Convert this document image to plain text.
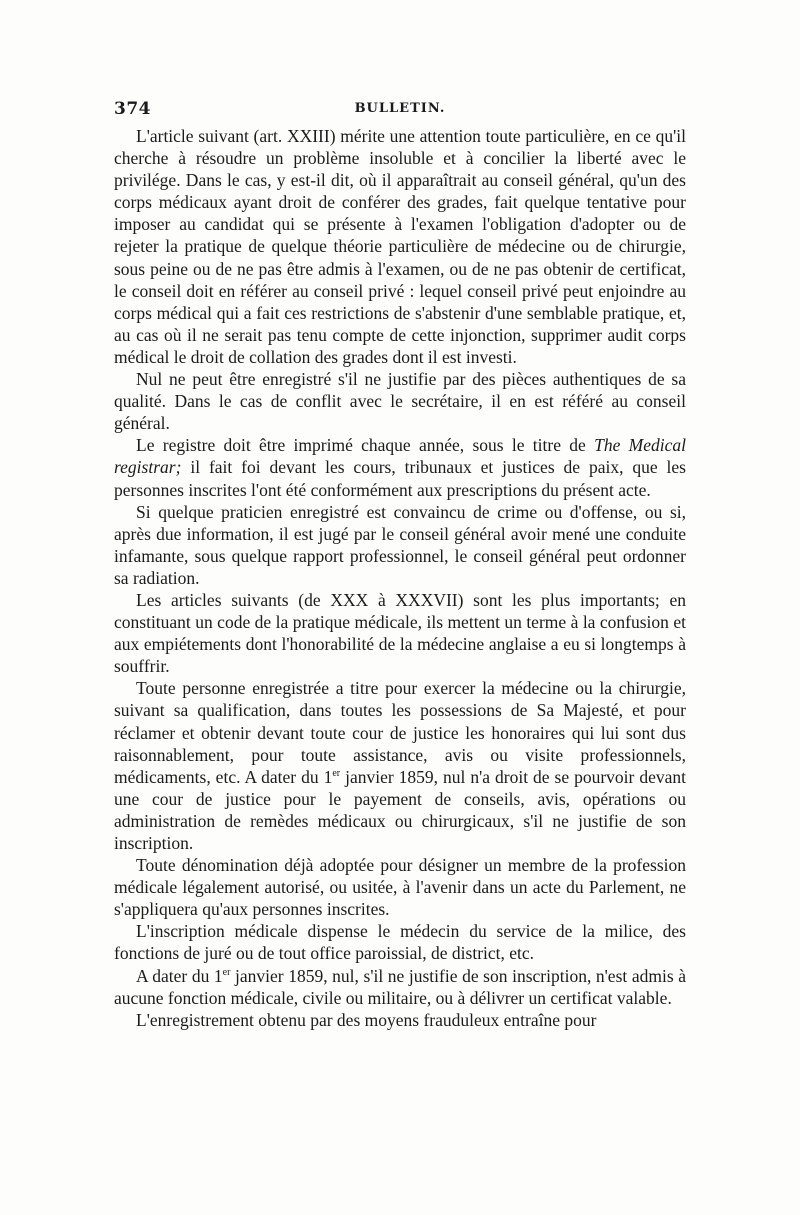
374	BULLETIN.

L'article suivant (art. XXIII) mérite une attention toute particulière, en ce qu'il cherche à résoudre un problème insoluble et à concilier la liberté avec le privilége. Dans le cas, y est-il dit, où il apparaîtrait au conseil général, qu'un des corps médicaux ayant droit de conférer des grades, fait quelque tentative pour imposer au candidat qui se présente à l'examen l'obligation d'adopter ou de rejeter la pratique de quelque théorie particulière de médecine ou de chirurgie, sous peine ou de ne pas être admis à l'examen, ou de ne pas obtenir de certificat, le conseil doit en référer au conseil privé : lequel conseil privé peut enjoindre au corps médical qui a fait ces restrictions de s'abstenir d'une semblable pratique, et, au cas où il ne serait pas tenu compte de cette injonction, supprimer audit corps médical le droit de collation des grades dont il est investi.

Nul ne peut être enregistré s'il ne justifie par des pièces authentiques de sa qualité. Dans le cas de conflit avec le secrétaire, il en est référé au conseil général.

Le registre doit être imprimé chaque année, sous le titre de The Medical registrar; il fait foi devant les cours, tribunaux et justices de paix, que les personnes inscrites l'ont été conformément aux prescriptions du présent acte.

Si quelque praticien enregistré est convaincu de crime ou d'offense, ou si, après due information, il est jugé par le conseil général avoir mené une conduite infamante, sous quelque rapport professionnel, le conseil général peut ordonner sa radiation.

Les articles suivants (de XXX à XXXVII) sont les plus importants; en constituant un code de la pratique médicale, ils mettent un terme à la confusion et aux empiétements dont l'honorabilité de la médecine anglaise a eu si longtemps à souffrir.

Toute personne enregistrée a titre pour exercer la médecine ou la chirurgie, suivant sa qualification, dans toutes les possessions de Sa Majesté, et pour réclamer et obtenir devant toute cour de justice les honoraires qui lui sont dus raisonnablement, pour toute assistance, avis ou visite professionnels, médicaments, etc. A dater du 1er janvier 1859, nul n'a droit de se pourvoir devant une cour de justice pour le payement de conseils, avis, opérations ou administration de remèdes médicaux ou chirurgicaux, s'il ne justifie de son inscription.

Toute dénomination déjà adoptée pour désigner un membre de la profession médicale légalement autorisé, ou usitée, à l'avenir dans un acte du Parlement, ne s'appliquera qu'aux personnes inscrites.

L'inscription médicale dispense le médecin du service de la milice, des fonctions de juré ou de tout office paroissial, de district, etc.

A dater du 1er janvier 1859, nul, s'il ne justifie de son inscription, n'est admis à aucune fonction médicale, civile ou militaire, ou à délivrer un certificat valable.

L'enregistrement obtenu par des moyens frauduleux entraîne pour
